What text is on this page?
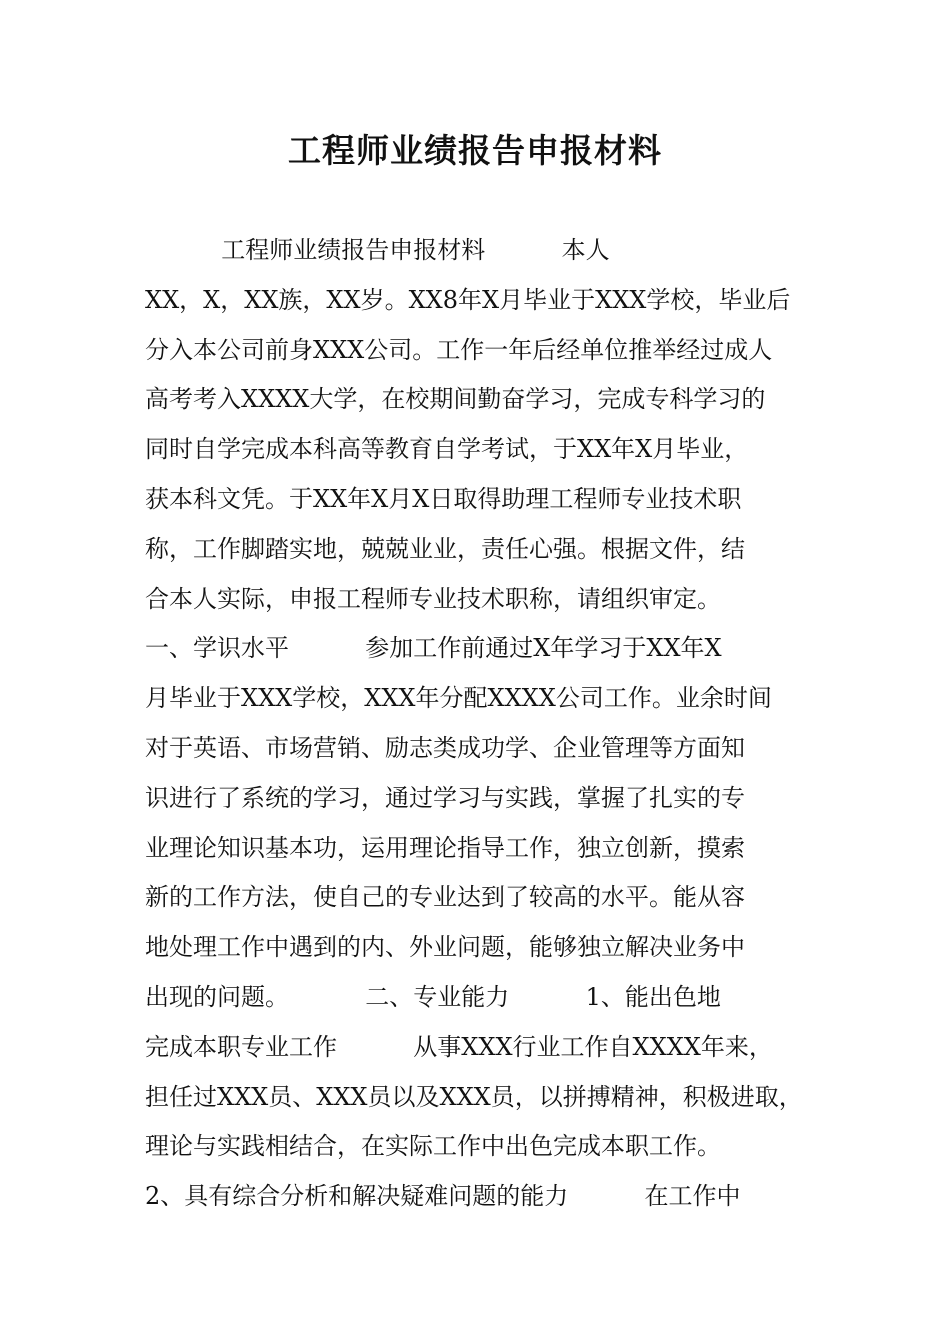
工程师业绩报告申报材料
工程师业绩报告申报材料          本人
XX，X，XX族，XX岁。XX8年X月毕业于XXX学校，毕业后
分入本公司前身XXX公司。工作一年后经单位推举经过成人
高考考入XXXX大学，在校期间勤奋学习，完成专科学习的
同时自学完成本科高等教育自学考试，于XX年X月毕业，
获本科文凭。于XX年X月X日取得助理工程师专业技术职
称，工作脚踏实地，兢兢业业，责任心强。根据文件，结
合本人实际，申报工程师专业技术职称，请组织审定。
一、学识水平          参加工作前通过X年学习于XX年X
月毕业于XXX学校，XXX年分配XXXX公司工作。业余时间
对于英语、市场营销、励志类成功学、企业管理等方面知
识进行了系统的学习，通过学习与实践，掌握了扎实的专
业理论知识基本功，运用理论指导工作，独立创新，摸索
新的工作方法，使自己的专业达到了较高的水平。能从容
地处理工作中遇到的内、外业问题，能够独立解决业务中
出现的问题。          二、专业能力          1、能出色地
完成本职专业工作          从事XXX行业工作自XXXX年来，
担任过XXX员、XXX员以及XXX员，以拼搏精神，积极进取，
理论与实践相结合，在实际工作中出色完成本职工作。
2、具有综合分析和解决疑难问题的能力          在工作中
